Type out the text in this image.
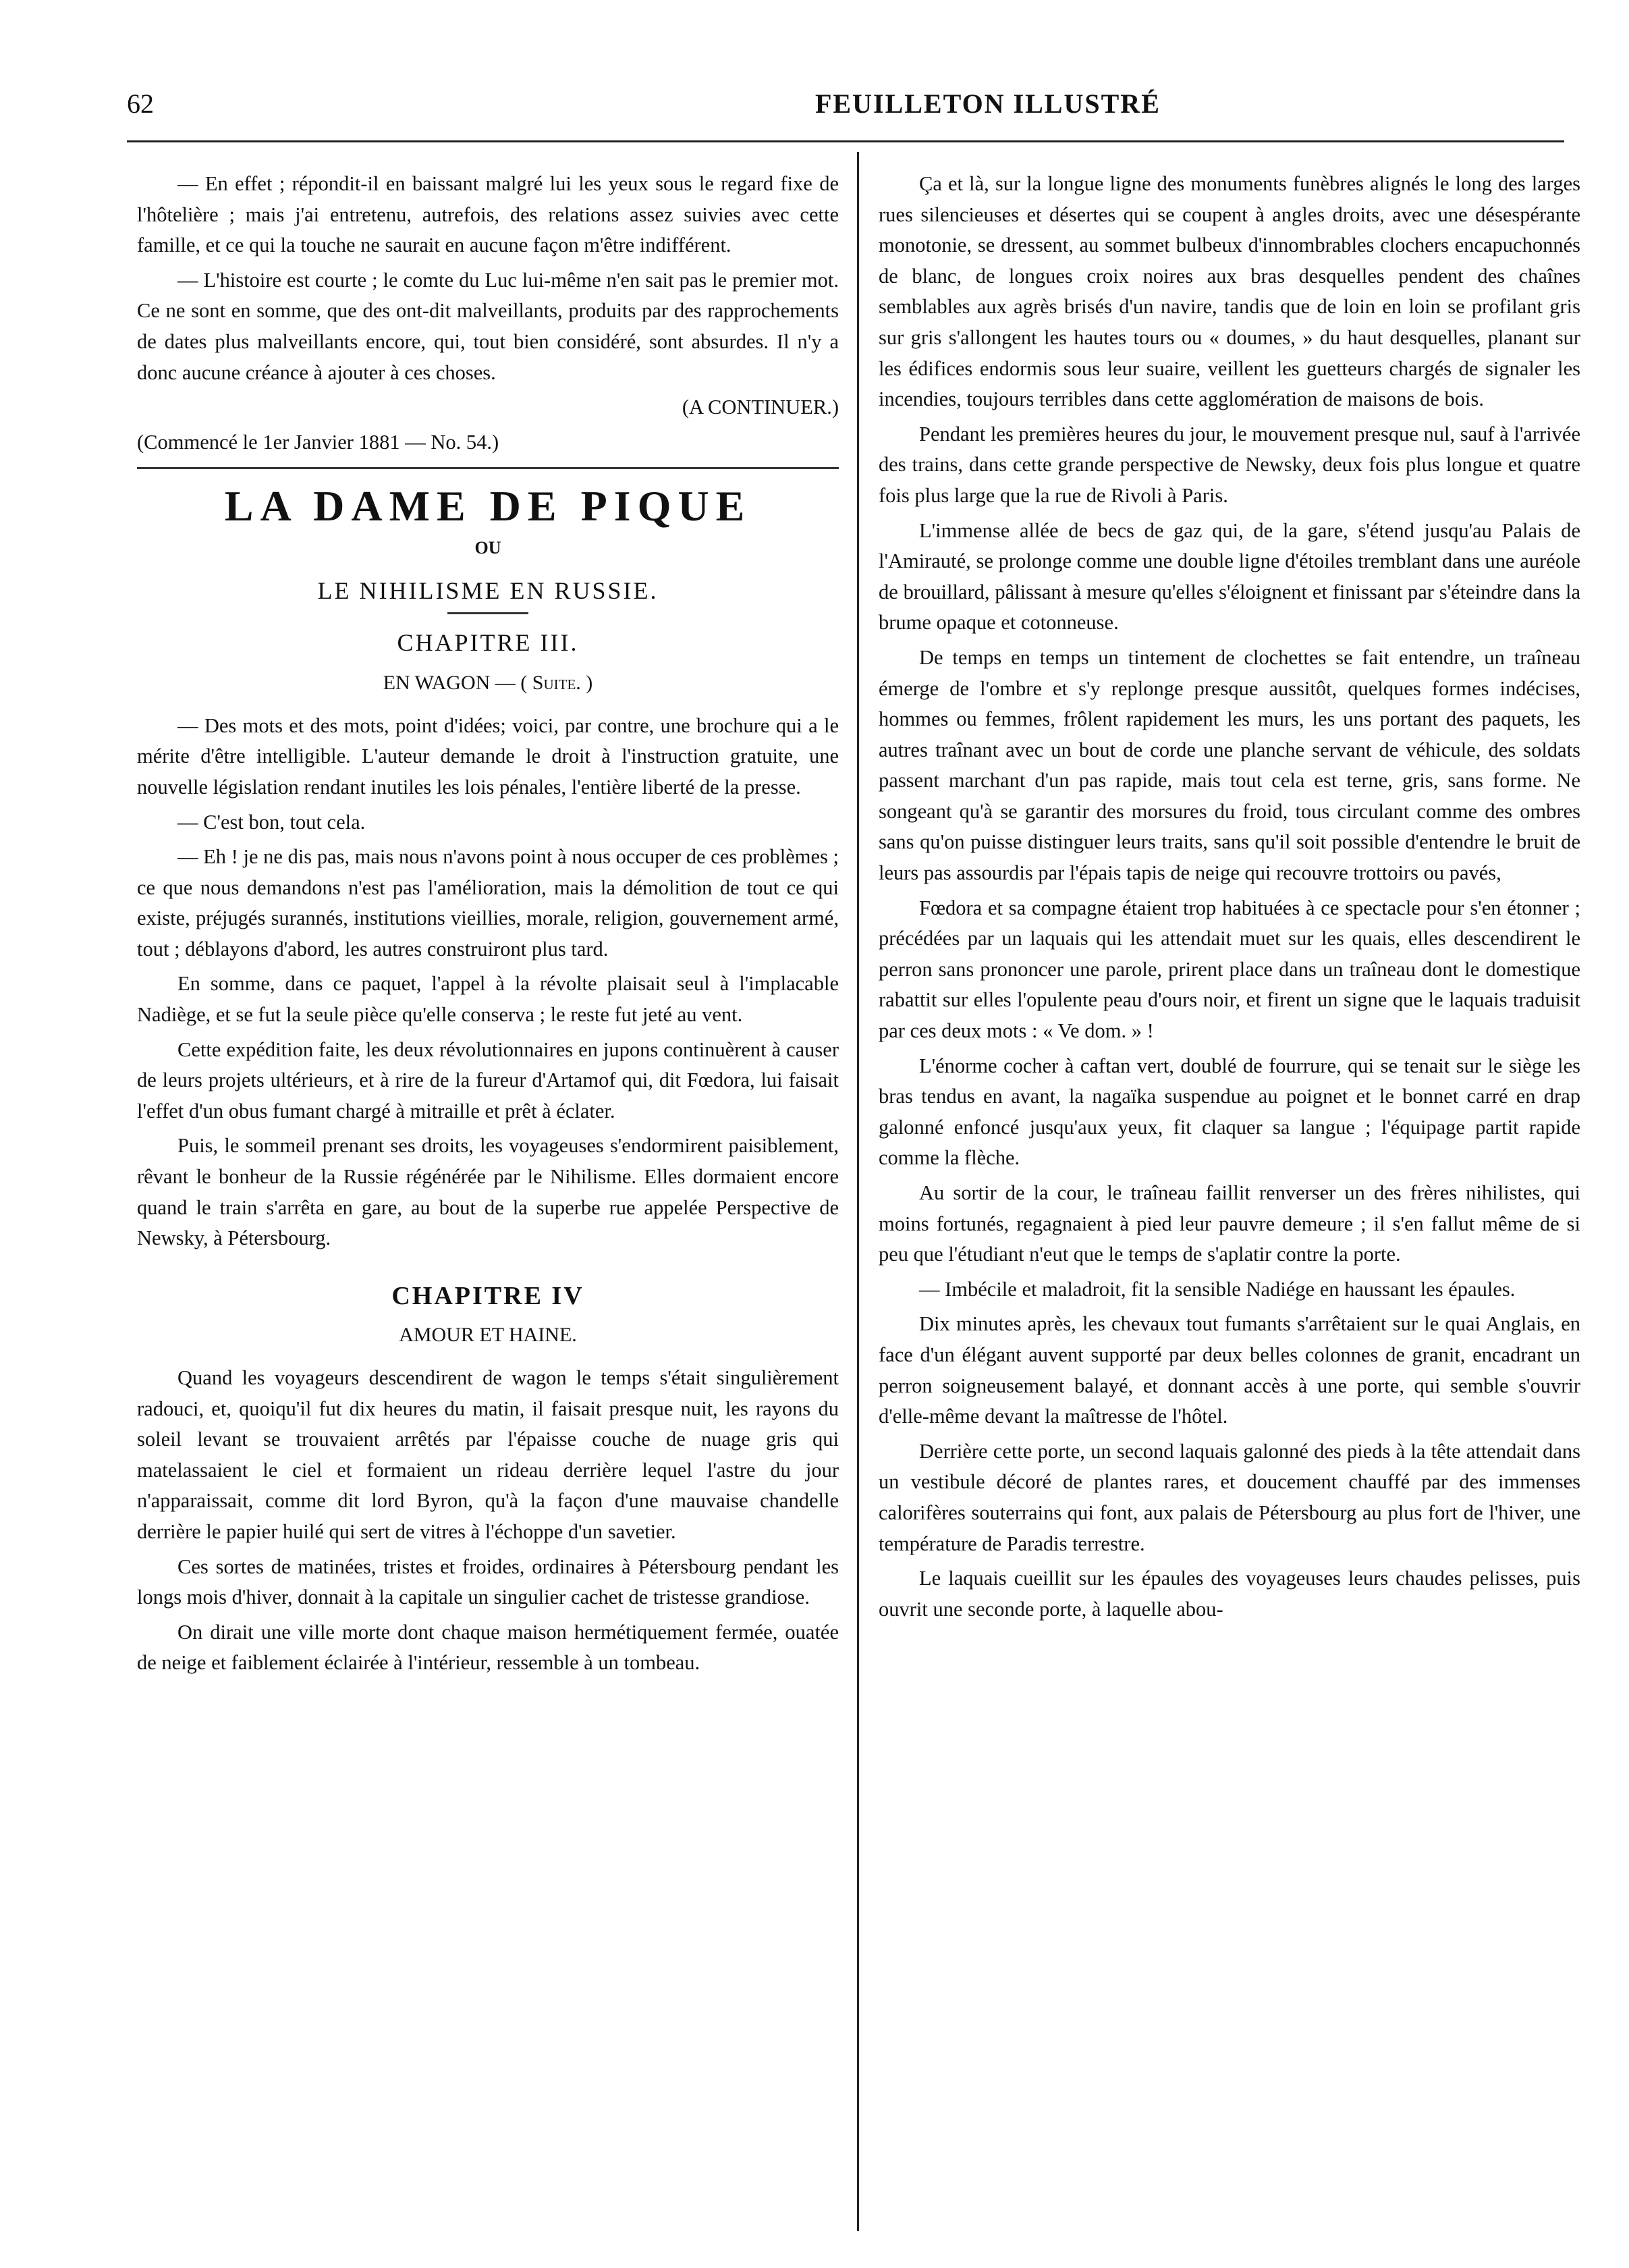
62	FEUILLETON ILLUSTRÉ

— En effet ; répondit-il en baissant malgré lui les yeux sous le regard fixe de l'hôtelière ; mais j'ai entretenu, autrefois, des relations assez suivies avec cette famille, et ce qui la touche ne saurait en aucune façon m'être indifférent.

— L'histoire est courte ; le comte du Luc lui-même n'en sait pas le premier mot. Ce ne sont en somme, que des ont-dit malveillants, produits par des rapprochements de dates plus malveillants encore, qui, tout bien considéré, sont absurdes. Il n'y a donc aucune créance à ajouter à ces choses.

(A CONTINUER.)

(Commencé le 1er Janvier 1881 — No. 54.)

LA DAME DE PIQUE
OU
LE NIHILISME EN RUSSIE.
CHAPITRE III.
EN WAGON — ( Suite. )

— Des mots et des mots, point d'idées; voici, par contre, une brochure qui a le mérite d'être intelligible. L'auteur demande le droit à l'instruction gratuite, une nouvelle législation rendant inutiles les lois pénales, l'entière liberté de la presse.

— C'est bon, tout cela.

— Eh ! je ne dis pas, mais nous n'avons point à nous occuper de ces problèmes ; ce que nous demandons n'est pas l'amélioration, mais la démolition de tout ce qui existe, préjugés surannés, institutions vieillies, morale, religion, gouvernement armé, tout ; déblayons d'abord, les autres construiront plus tard.

En somme, dans ce paquet, l'appel à la révolte plaisait seul à l'implacable Nadiège, et se fut la seule pièce qu'elle conserva ; le reste fut jeté au vent.

Cette expédition faite, les deux révolutionnaires en jupons continuèrent à causer de leurs projets ultérieurs, et à rire de la fureur d'Artamof qui, dit Fœdora, lui faisait l'effet d'un obus fumant chargé à mitraille et prêt à éclater.

Puis, le sommeil prenant ses droits, les voyageuses s'endormirent paisiblement, rêvant le bonheur de la Russie régénérée par le Nihilisme. Elles dormaient encore quand le train s'arrêta en gare, au bout de la superbe rue appelée Perspective de Newsky, à Pétersbourg.

CHAPITRE IV
AMOUR ET HAINE.

Quand les voyageurs descendirent de wagon le temps s'était singulièrement radouci, et, quoiqu'il fut dix heures du matin, il faisait presque nuit, les rayons du soleil levant se trouvaient arrêtés par l'épaisse couche de nuage gris qui matelassaient le ciel et formaient un rideau derrière lequel l'astre du jour n'apparaissait, comme dit lord Byron, qu'à la façon d'une mauvaise chandelle derrière le papier huilé qui sert de vitres à l'échoppe d'un savetier.

Ces sortes de matinées, tristes et froides, ordinaires à Pétersbourg pendant les longs mois d'hiver, donnait à la capitale un singulier cachet de tristesse grandiose.

On dirait une ville morte dont chaque maison hermétiquement fermée, ouatée de neige et faiblement éclairée à l'intérieur, ressemble à un tombeau.

Ça et là, sur la longue ligne des monuments funèbres alignés le long des larges rues silencieuses et désertes qui se coupent à angles droits, avec une désespérante monotonie, se dressent, au sommet bulbeux d'innombrables clochers encapuchonnés de blanc, de longues croix noires aux bras desquelles pendent des chaînes semblables aux agrès brisés d'un navire, tandis que de loin en loin se profilant gris sur gris s'allongent les hautes tours ou « doumes, » du haut desquelles, planant sur les édifices endormis sous leur suaire, veillent les guetteurs chargés de signaler les incendies, toujours terribles dans cette agglomération de maisons de bois.

Pendant les premières heures du jour, le mouvement presque nul, sauf à l'arrivée des trains, dans cette grande perspective de Newsky, deux fois plus longue et quatre fois plus large que la rue de Rivoli à Paris.

L'immense allée de becs de gaz qui, de la gare, s'étend jusqu'au Palais de l'Amirauté, se prolonge comme une double ligne d'étoiles tremblant dans une auréole de brouillard, pâlissant à mesure qu'elles s'éloignent et finissant par s'éteindre dans la brume opaque et cotonneuse.

De temps en temps un tintement de clochettes se fait entendre, un traîneau émerge de l'ombre et s'y replonge presque aussitôt, quelques formes indécises, hommes ou femmes, frôlent rapidement les murs, les uns portant des paquets, les autres traînant avec un bout de corde une planche servant de véhicule, des soldats passent marchant d'un pas rapide, mais tout cela est terne, gris, sans forme. Ne songeant qu'à se garantir des morsures du froid, tous circulant comme des ombres sans qu'on puisse distinguer leurs traits, sans qu'il soit possible d'entendre le bruit de leurs pas assourdis par l'épais tapis de neige qui recouvre trottoirs ou pavés,

Fœdora et sa compagne étaient trop habituées à ce spectacle pour s'en étonner ; précédées par un laquais qui les attendait muet sur les quais, elles descendirent le perron sans prononcer une parole, prirent place dans un traîneau dont le domestique rabattit sur elles l'opulente peau d'ours noir, et firent un signe que le laquais traduisit par ces deux mots : « Ve dom. » !

L'énorme cocher à caftan vert, doublé de fourrure, qui se tenait sur le siège les bras tendus en avant, la nagaïka suspendue au poignet et le bonnet carré en drap galonné enfoncé jusqu'aux yeux, fit claquer sa langue ; l'équipage partit rapide comme la flèche.

Au sortir de la cour, le traîneau faillit renverser un des frères nihilistes, qui moins fortunés, regagnaient à pied leur pauvre demeure ; il s'en fallut même de si peu que l'étudiant n'eut que le temps de s'aplatir contre la porte.

— Imbécile et maladroit, fit la sensible Nadiége en haussant les épaules.

Dix minutes après, les chevaux tout fumants s'arrêtaient sur le quai Anglais, en face d'un élégant auvent supporté par deux belles colonnes de granit, encadrant un perron soigneusement balayé, et donnant accès à une porte, qui semble s'ouvrir d'elle-même devant la maîtresse de l'hôtel.

Derrière cette porte, un second laquais galonné des pieds à la tête attendait dans un vestibule décoré de plantes rares, et doucement chauffé par des immenses calorifères souterrains qui font, aux palais de Pétersbourg au plus fort de l'hiver, une température de Paradis terrestre.

Le laquais cueillit sur les épaules des voyageuses leurs chaudes pelisses, puis ouvrit une seconde porte, à laquelle abou-
